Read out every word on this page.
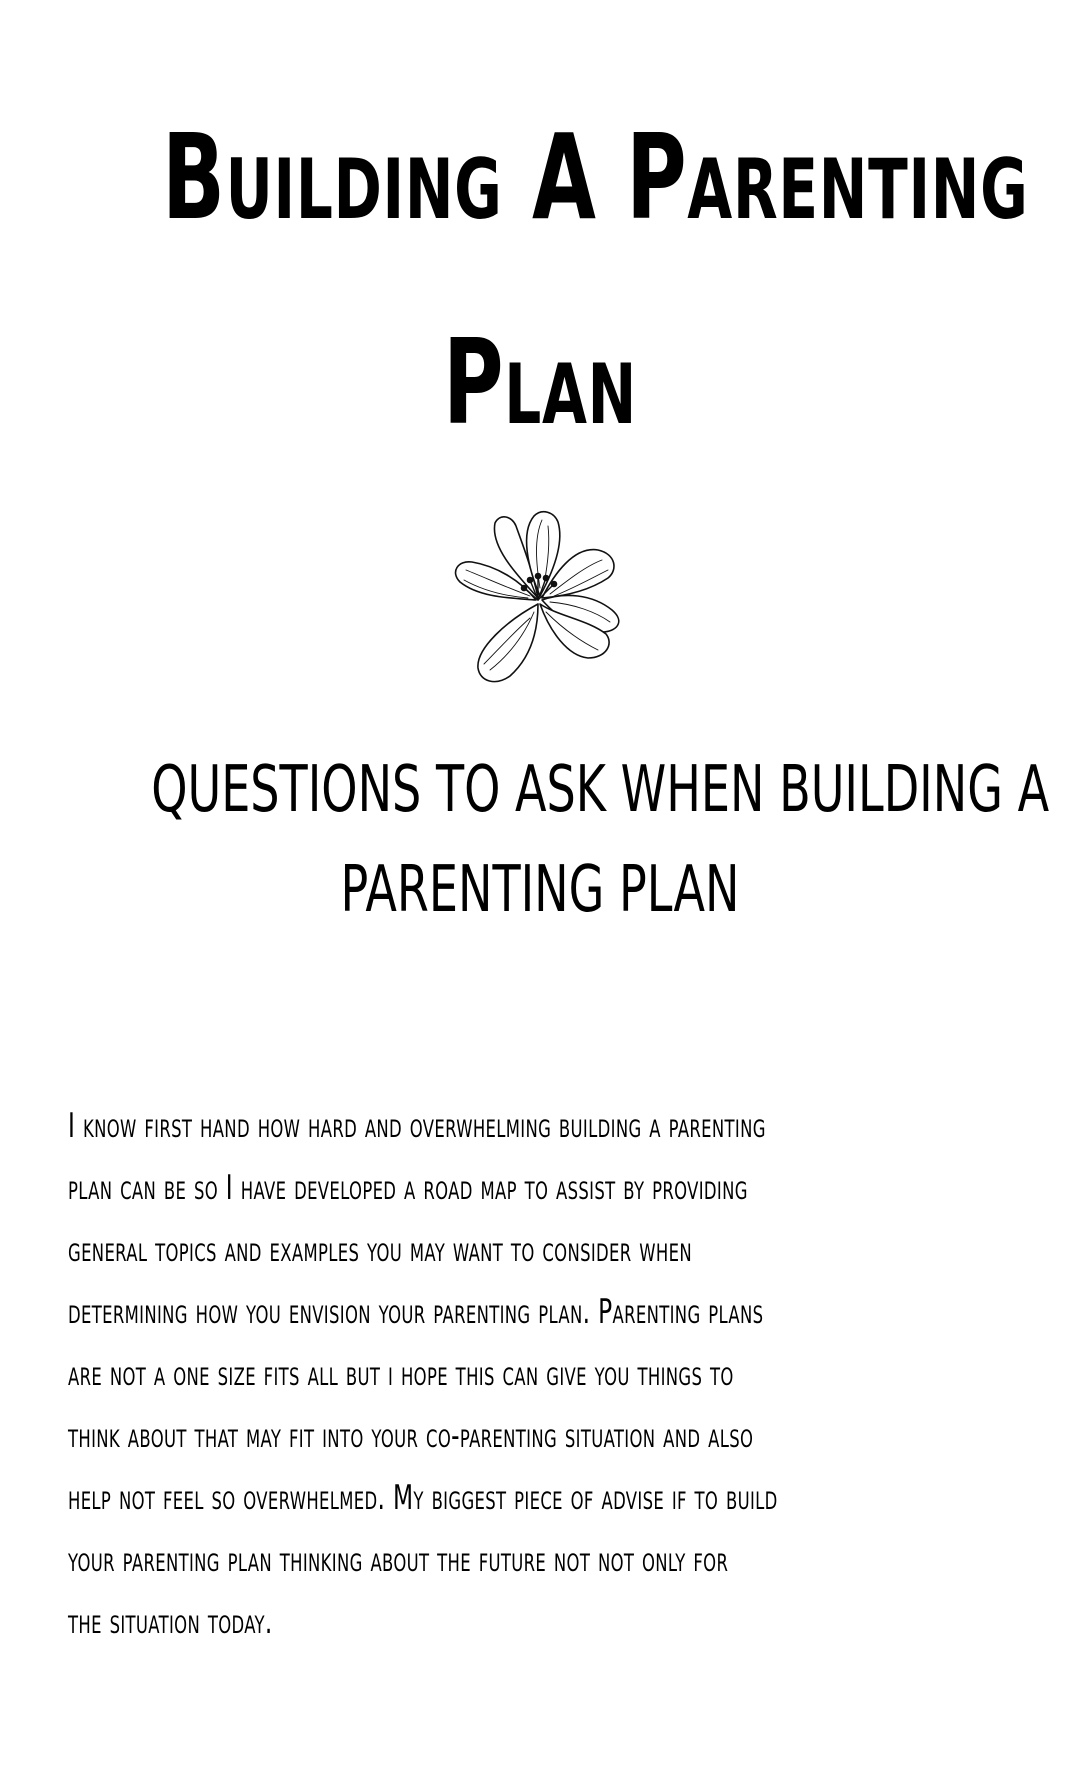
Building A Parenting
Plan
QUESTIONS TO ASK WHEN BUILDING A
PARENTING PLAN

I know first hand how hard and overwhelming building a parenting
plan can be so I have developed a road map to assist by providing
general topics and examples you may want to consider when
determining how you envision your parenting plan. Parenting plans
are not a one size fits all but i hope this can give you things to
think about that may fit into your co-parenting situation and also
help not feel so overwhelmed. My biggest piece of advise if to build
your parenting plan thinking about the future not not only for
the situation today.
